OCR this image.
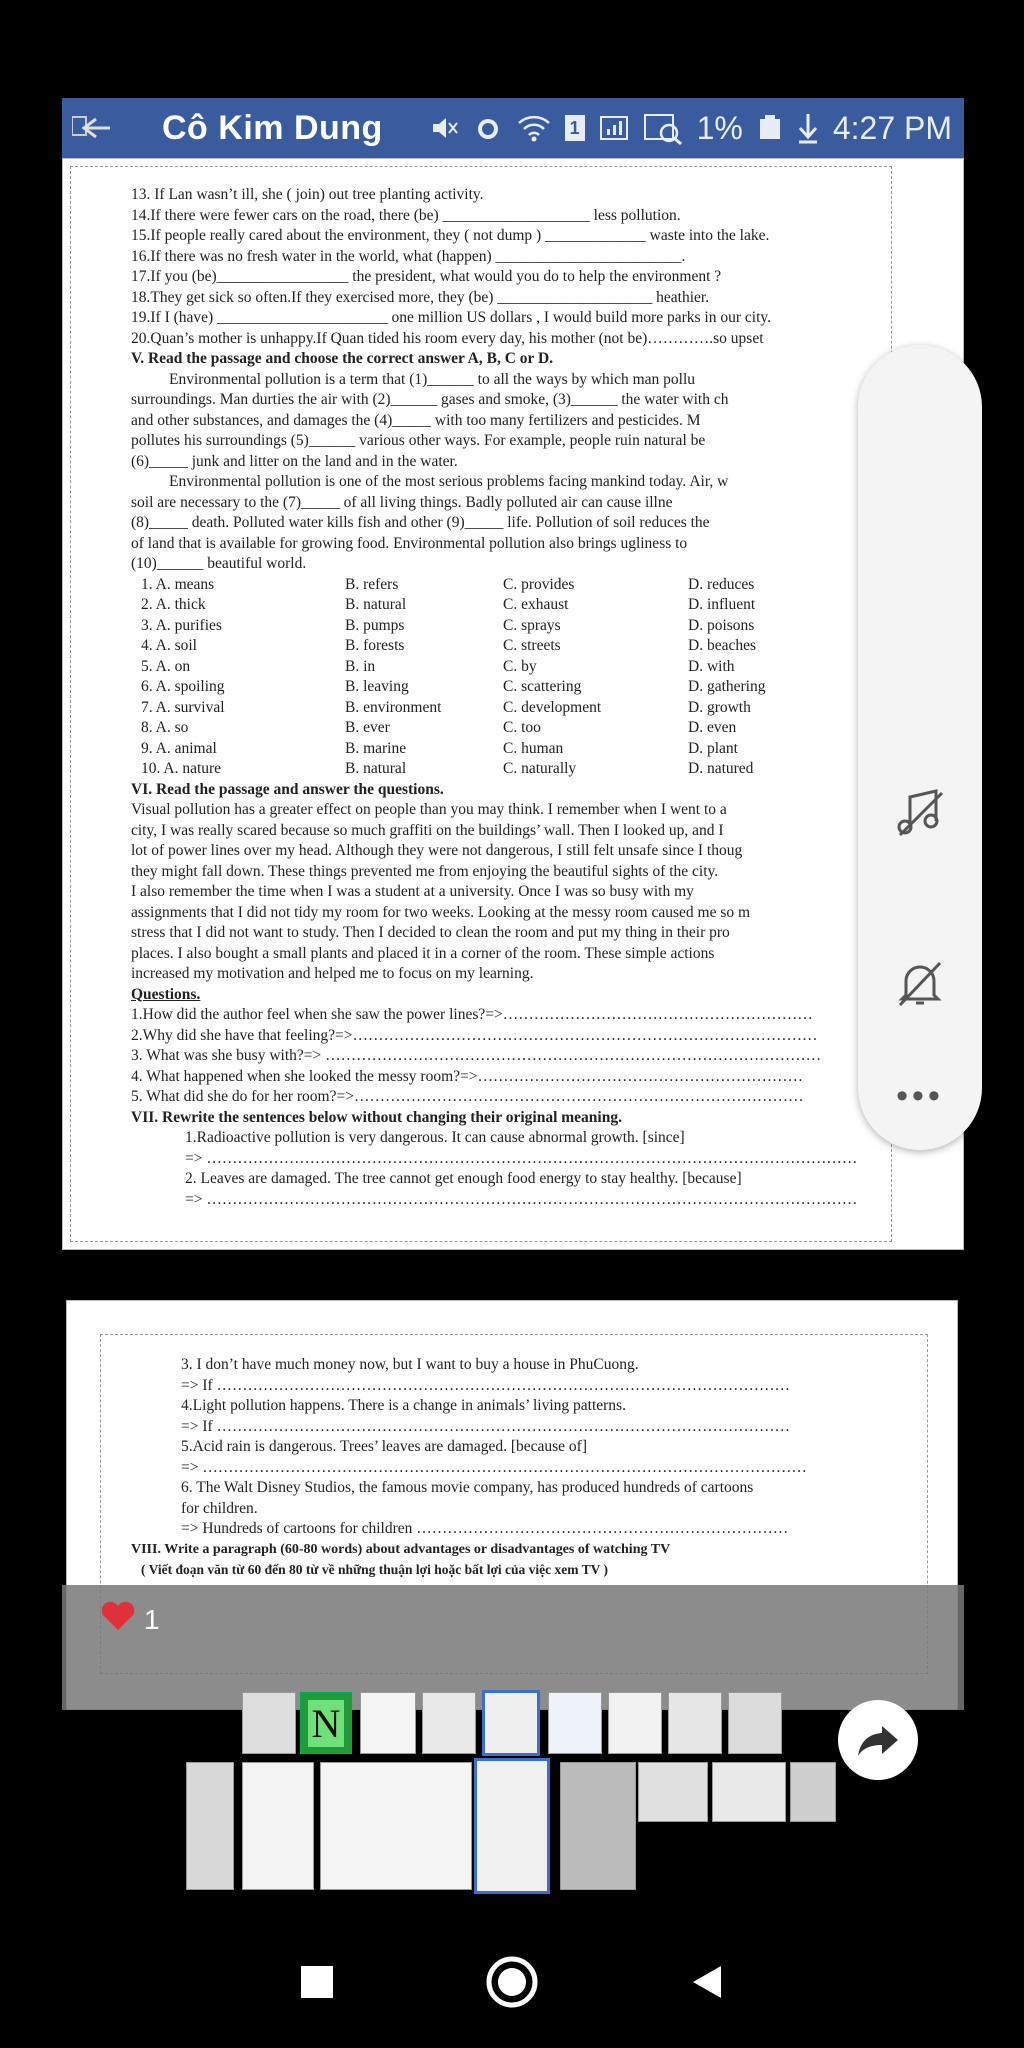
Cô Kim Dung	1	1%	4:27 PM
13. If Lan wasn’t ill, she ( join) out tree planting activity.
14.If there were fewer cars on the road, there (be) ___________________ less pollution.
15.If people really cared about the environment, they ( not dump ) _____________ waste into the lake.
16.If there was no fresh water in the world, what (happen) ________________________.
17.If you (be)_________________ the president, what would you do to help the environment ?
18.They get sick so often.If they exercised more, they (be) ____________________ heathier.
19.If I (have) ______________________ one million US dollars , I would build more parks in our city.
20.Quan’s mother is unhappy.If Quan tided his room every day, his mother (not be)………….so upset
V. Read the passage and choose the correct answer A, B, C or D.
Environmental pollution is a term that (1)______ to all the ways by which man pollu
surroundings. Man durties the air with (2)______ gases and smoke, (3)______ the water with ch
and other substances, and damages the (4)_____ with too many fertilizers and pesticides. M
pollutes his surroundings (5)______ various other ways. For example, people ruin natural be
(6)_____ junk and litter on the land and in the water.
Environmental pollution is one of the most serious problems facing mankind today. Air, w
soil are necessary to the (7)_____ of all living things. Badly polluted air can cause illne
(8)_____ death. Polluted water kills fish and other (9)_____ life. Pollution of soil reduces the
of land that is available for growing food. Environmental pollution also brings ugliness to
(10)______ beautiful world.
1. A. means	B. refers	C. provides	D. reduces
2. A. thick	B. natural	C. exhaust	D. influent
3. A. purifies	B. pumps	C. sprays	D. poisons
4. A. soil	B. forests	C. streets	D. beaches
5. A. on	B. in	C. by	D. with
6. A. spoiling	B. leaving	C. scattering	D. gathering
7. A. survival	B. environment	C. development	D. growth
8. A. so	B. ever	C. too	D. even
9. A. animal	B. marine	C. human	D. plant
10. A. nature	B. natural	C. naturally	D. natured
VI. Read the passage and answer the questions.
Visual pollution has a greater effect on people than you may think. I remember when I went to a
city, I was really scared because so much graffiti on the buildings’ wall. Then I looked up, and I
lot of power lines over my head. Although they were not dangerous, I still felt unsafe since I thoug
they might fall down. These things prevented me from enjoying the beautiful sights of the city.
I also remember the time when I was a student at a university. Once I was so busy with my
assignments that I did not tidy my room for two weeks. Looking at the messy room caused me so m
stress that I did not want to study. Then I decided to clean the room and put my thing in their pro
places. I also bought a small plants and placed it in a corner of the room. These simple actions
increased my motivation and helped me to focus on my learning.
Questions.
1.How did the author feel when she saw the power lines?=>……………………………………………………
2.Why did she have that feeling?=>………………………………………………………………………………
3. What was she busy with?=> ……………………………………………………………………………………
4. What happened when she looked the messy room?=>………………………………………………………
5. What did she do for her room?=>……………………………………………………………………………
VII. Rewrite the sentences below without changing their original meaning.
1.Radioactive pollution is very dangerous. It can cause abnormal growth. [since]
=> ………………………………………………………………………………………………………………
2. Leaves are damaged. The tree cannot get enough food energy to stay healthy. [because]
=> ………………………………………………………………………………………………………………
3. I don’t have much money now, but I want to buy a house in PhuCuong.
=> If …………………………………………………………………………………………………
4.Light pollution happens. There is a change in animals’ living patterns.
=> If …………………………………………………………………………………………………
5.Acid rain is dangerous. Trees’ leaves are damaged. [because of]
=> ………………………………………………………………………………………………………
6. The Walt Disney Studios, the famous movie company, has produced hundreds of cartoons
for children.
=> Hundreds of cartoons for children ………………………………………………………………
VIII. Write a paragraph (60-80 words) about advantages or disadvantages of watching TV
( Viết đoạn văn từ 60 đến 80 từ về những thuận lợi hoặc bất lợi của việc xem TV )
•••
1
N
